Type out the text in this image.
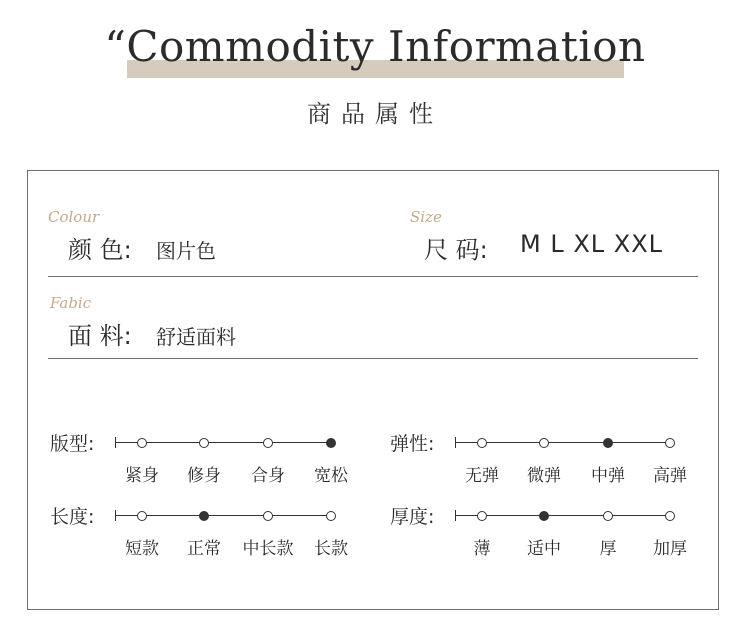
“Commodity Information
商品属性
Colour
颜 色: 图片色
Size
尺 码: M L XL XXL
Fabic
面 料: 舒适面料
版型:
紧身	修身	合身	宽松
弹性:
无弹	微弹	中弹	高弹
长度:
短款	正常	中长款	长款
厚度:
薄	适中	厚	加厚
